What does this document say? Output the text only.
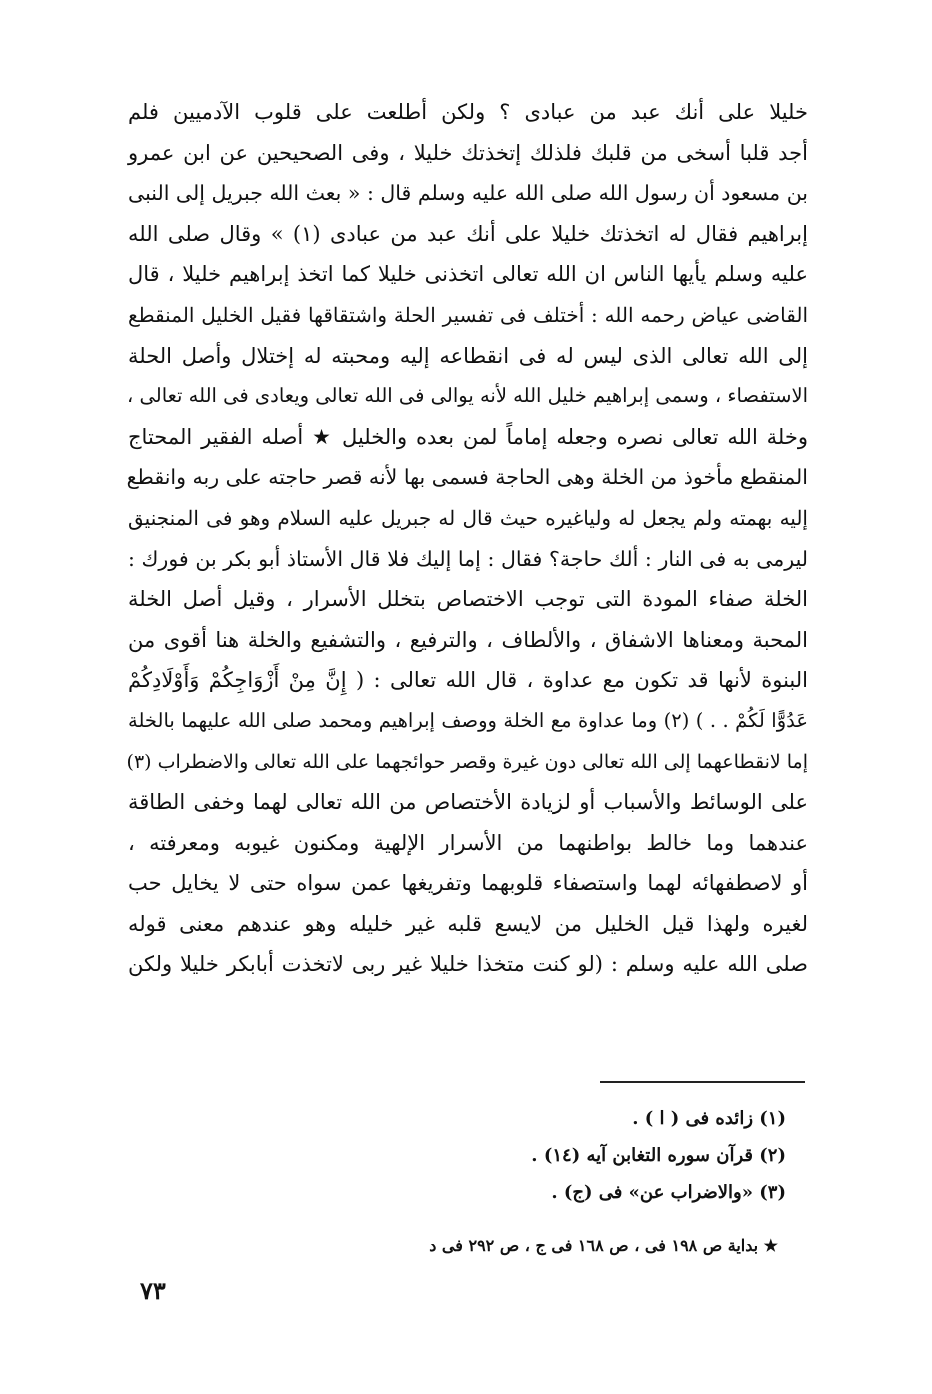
خليلا على أنك عبد من عبادى ؟ ولكن أطلعت على قلوب الآدميين فلم
أجد قلبا أسخى من قلبك فلذلك إتخذتك خليلا ، وفى الصحيحين عن ابن عمرو
بن مسعود أن رسول الله صلى الله عليه وسلم قال : « بعث الله جبريل إلى النبى
إبراهيم فقال له اتخذتك خليلا على أنك عبد من عبادى (١) » وقال صلى الله
عليه وسلم يأيها الناس ان الله تعالى اتخذنى خليلا كما اتخذ إبراهيم خليلا ، قال
القاضى عياض رحمه الله : أختلف فى تفسير الحلة واشتقاقها فقيل الخليل المنقطع
إلى الله تعالى الذى ليس له فى انقطاعه إليه ومحبته له إختلال وأصل الحلة
الاستفصاء ، وسمى إبراهيم خليل الله لأنه يوالى فى الله تعالى ويعادى فى الله تعالى ،
وخلة الله تعالى نصره وجعله إماماً لمن بعده والخليل ★ أصله الفقير المحتاج
المنقطع مأخوذ من الخلة وهى الحاجة فسمى بها لأنه قصر حاجته على ربه وانقطع
إليه بهمته ولم يجعل له ولياغيره حيث قال له جبريل عليه السلام وهو فى المنجنيق
ليرمى به فى النار : ألك حاجة؟ فقال : إما إليك فلا قال الأستاذ أبو بكر بن فورك :
الخلة صفاء المودة التى توجب الاختصاص بتخلل الأسرار ، وقيل أصل الخلة
المحبة ومعناها الاشفاق ، والألطاف ، والترفيع ، والتشفيع والخلة هنا أقوى من
البنوة لأنها قد تكون مع عداوة ، قال الله تعالى : ( إِنَّ مِنْ أَزْوَاجِكُمْ وَأَوْلَادِكُمْ
عَدُوًّا لَكُمْ . . ) (٢) وما عداوة مع الخلة ووصف إبراهيم ومحمد صلى الله عليهما بالخلة
إما لانقطاعهما إلى الله تعالى دون غيرة وقصر حوائجهما على الله تعالى والاضطراب (٣)
على الوسائط والأسباب أو لزيادة الأختصاص من الله تعالى لهما وخفى الطاقة
عندهما وما خالط بواطنهما من الأسرار الإلهية ومكنون غيوبه ومعرفته ،
أو لاصطفهائه لهما واستصفاء قلوبهما وتفريغها عمن سواه حتى لا يخايل حب
لغيره ولهذا قيل الخليل من لايسع قلبه غير خليله وهو عندهم معنى قوله
صلى الله عليه وسلم : (لو كنت متخذا خليلا غير ربى لاتخذت أبابكر خليلا ولكن
(١) زائده فى ( ا ) .
(٢) قرآن سوره التغابن آيه (١٤) .
(٣) «والاضراب عن» فى (ج) .
★ بداية ص ١٩٨ فى ، ص ١٦٨ فى ج ، ص ٢٩٢ فى د
٧٣
